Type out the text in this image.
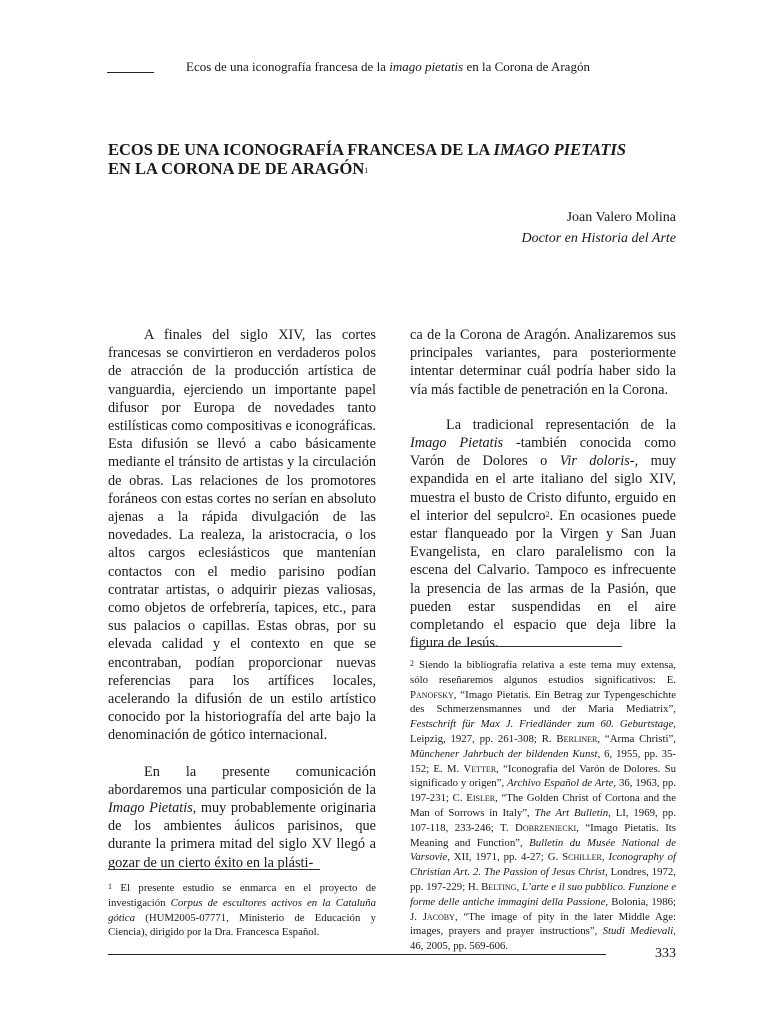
Ecos de una iconografía francesa de la imago pietatis en la Corona de Aragón
ECOS DE UNA ICONOGRAFÍA FRANCESA DE LA IMAGO PIETATIS
EN LA CORONA DE DE ARAGÓN$^1$
Joan Valero Molina
Doctor en Historia del Arte

A finales del siglo XIV, las cortes francesas se convirtieron en verdaderos polos de atracción de la producción artística de vanguardia, ejerciendo un importante papel difusor por Europa de novedades tanto estilísticas como compositivas e iconográficas. Esta difusión se llevó a cabo básicamente mediante el tránsito de artistas y la circulación de obras. Las relaciones de los promotores foráneos con estas cortes no serían en absoluto ajenas a la rápida divulgación de las novedades. La realeza, la aristocracia, o los altos cargos eclesiásticos que mantenían contactos con el medio parisino podían contratar artistas, o adquirir piezas valiosas, como objetos de orfebrería, tapices, etc., para sus palacios o capillas. Estas obras, por su elevada calidad y el contexto en que se encontraban, podían proporcionar nuevas referencias para los artífices locales, acelerando la difusión de un estilo artístico conocido por la historiografía del arte bajo la denominación de gótico internacional.

En la presente comunicación abordaremos una particular composición de la Imago Pietatis, muy probablemente originaria de los ambientes áulicos parisinos, que durante la primera mitad del siglo XV llegó a gozar de un cierto éxito en la plásti-

ca de la Corona de Aragón. Analizaremos sus principales variantes, para posteriormente intentar determinar cuál podría haber sido la vía más factible de penetración en la Corona.

La tradicional representación de la Imago Pietatis -también conocida como Varón de Dolores o Vir doloris-, muy expandida en el arte italiano del siglo XIV, muestra el busto de Cristo difunto, erguido en el interior del sepulcro$^2$. En ocasiones puede estar flanqueado por la Virgen y San Juan Evangelista, en claro paralelismo con la escena del Calvario. Tampoco es infrecuente la presencia de las armas de la Pasión, que pueden estar suspendidas en el aire completando el espacio que deja libre la figura de Jesús.

$^1$ El presente estudio se enmarca en el proyecto de investigación Corpus de escultores activos en la Cataluña gótica (HUM2005-07771, Ministerio de Educación y Ciencia), dirigido por la Dra. Francesca Español.
$^2$ Siendo la bibliografía relativa a este tema muy extensa, sólo reseñaremos algunos estudios significativos: E. Panofsky, “Imago Pietatis. Ein Betrag zur Typengeschichte des Schmerzensmannes und der Maria Mediatrix”, Festschrift für Max J. Friedländer zum 60. Geburtstage, Leipzig, 1927, pp. 261-308; R. Berliner, “Arma Christi”, Münchener Jahrbuch der bildenden Kunst, 6, 1955, pp. 35-152; E. M. Vetter, “Iconografía del Varón de Dolores. Su significado y origen”, Archivo Español de Arte, 36, 1963, pp. 197-231; C. Eisler, “The Golden Christ of Cortona and the Man of Sorrows in Italy”, The Art Bulletin, LI, 1969, pp. 107-118, 233-246; T. Dobrzeniecki, “Imago Pietatis. Its Meaning and Function”, Bulletin du Musée National de Varsovie, XII, 1971, pp. 4-27; G. Schiller, Iconography of Christian Art. 2. The Passion of Jesus Christ, Londres, 1972, pp. 197-229; H. Belting, L’arte e il suo pubblico. Funzione e forme delle antiche immagini della Passione, Bolonia, 1986; J. Jacoby, “The image of pity in the later Middle Age: images, prayers and prayer instructions”, Studi Medievali, 46, 2005, pp. 569-606.	333
